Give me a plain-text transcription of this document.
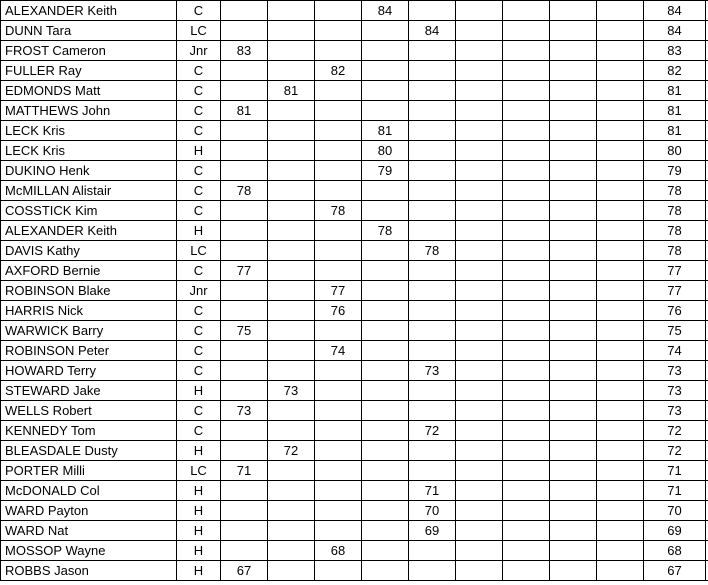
ALEXANDER Keith	C				84						84		
DUNN Tara	LC					84					84		
FROST Cameron	Jnr	83									83		
FULLER Ray	C			82							82		
EDMONDS Matt	C		81								81		
MATTHEWS John	C	81									81		
LECK Kris	C				81						81		
LECK Kris	H				80						80		
DUKINO Henk	C				79						79		
McMILLAN Alistair	C	78									78		
COSSTICK Kim	C			78							78		
ALEXANDER Keith	H				78						78		
DAVIS Kathy	LC					78					78		
AXFORD Bernie	C	77									77		
ROBINSON Blake	Jnr			77							77		
HARRIS Nick	C			76							76		
WARWICK Barry	C	75									75		
ROBINSON Peter	C			74							74		
HOWARD Terry	C					73					73		
STEWARD Jake	H		73								73		
WELLS Robert	C	73									73		
KENNEDY Tom	C					72					72		
BLEASDALE Dusty	H		72								72		
PORTER Milli	LC	71									71		
McDONALD Col	H					71					71		
WARD Payton	H					70					70		
WARD Nat	H					69					69		
MOSSOP Wayne	H			68							68		
ROBBS Jason	H	67									67		
